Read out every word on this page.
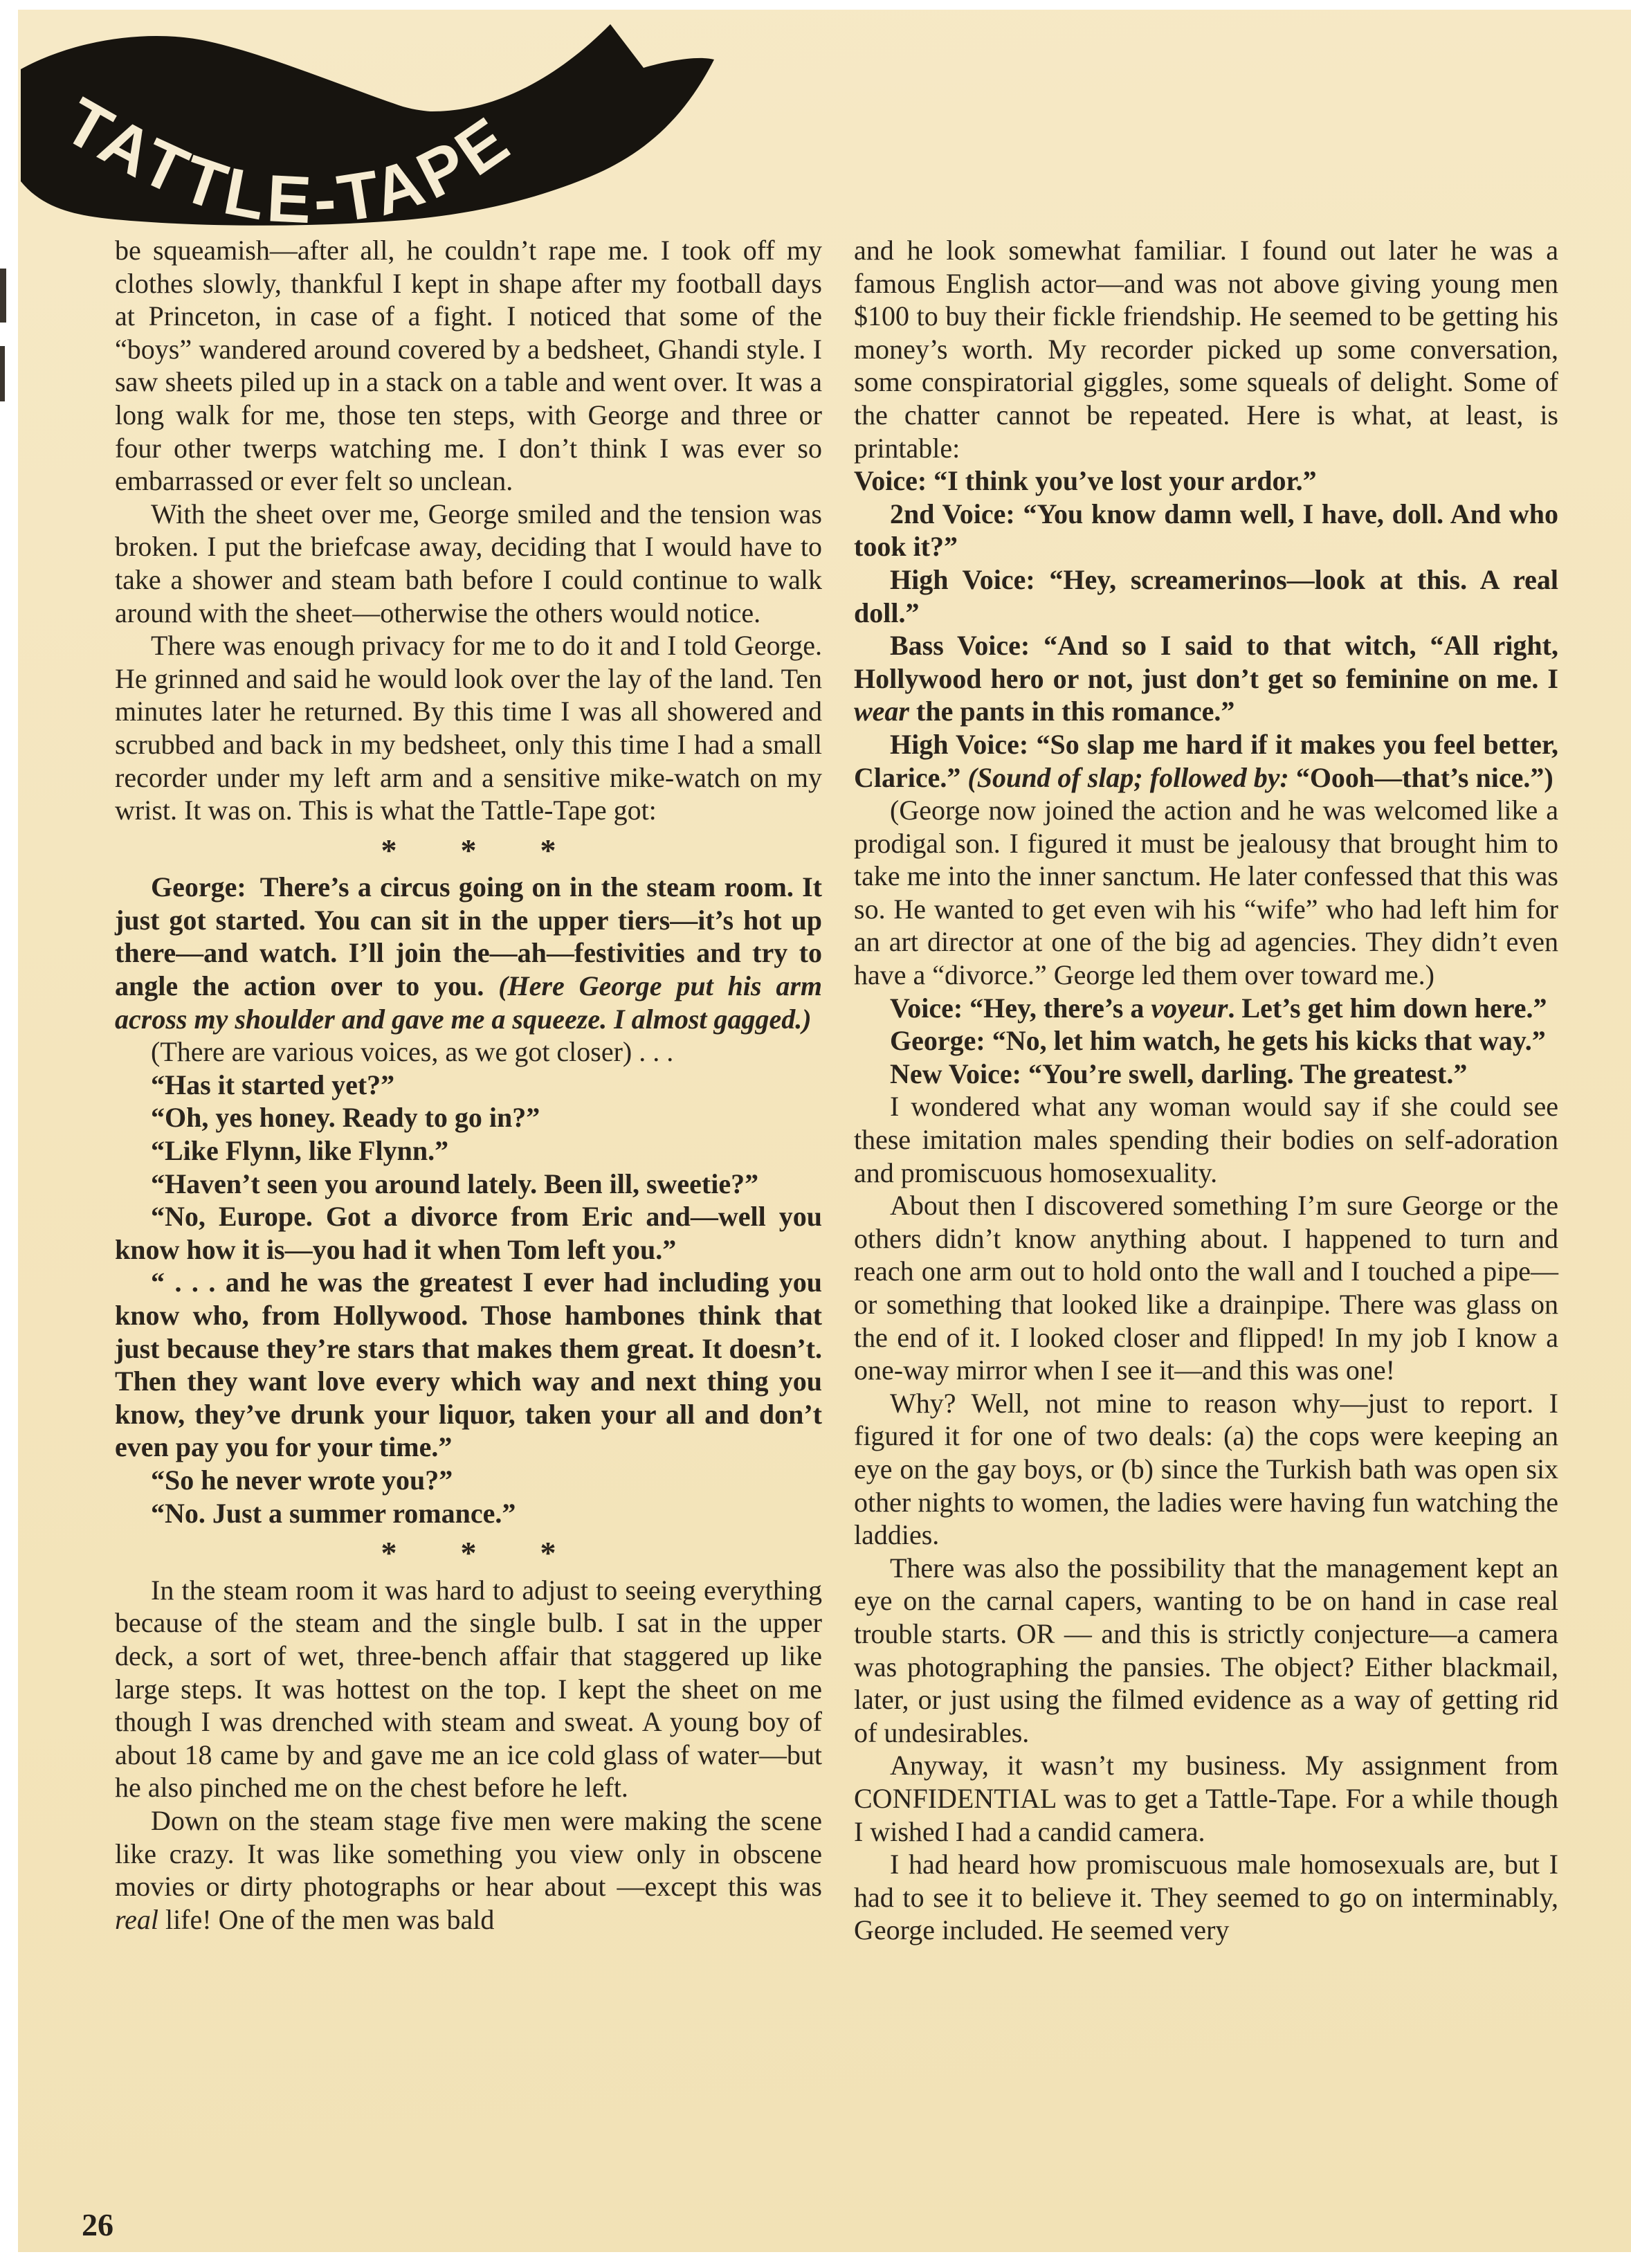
TATTLE-TAPE

be squeamish—after all, he couldn’t rape me. I took off my clothes slowly, thankful I kept in shape after my football days at Princeton, in case of a fight. I noticed that some of the “boys” wandered around covered by a bedsheet, Ghandi style. I saw sheets piled up in a stack on a table and went over. It was a long walk for me, those ten steps, with George and three or four other twerps watching me. I don’t think I was ever so embarrassed or ever felt so unclean.

With the sheet over me, George smiled and the tension was broken. I put the briefcase away, deciding that I would have to take a shower and steam bath before I could continue to walk around with the sheet—otherwise the others would notice.

There was enough privacy for me to do it and I told George. He grinned and said he would look over the lay of the land. Ten minutes later he returned. By this time I was all showered and scrubbed and back in my bedsheet, only this time I had a small recorder under my left arm and a sensitive mike-watch on my wrist. It was on. This is what the Tattle-Tape got:

*  *  *

George: There’s a circus going on in the steam room. It just got started. You can sit in the upper tiers—it’s hot up there—and watch. I’ll join the—ah—festivities and try to angle the action over to you. (Here George put his arm across my shoulder and gave me a squeeze. I almost gagged.)

(There are various voices, as we got closer) . . .

“Has it started yet?”

“Oh, yes honey. Ready to go in?”

“Like Flynn, like Flynn.”

“Haven’t seen you around lately. Been ill, sweetie?”

“No, Europe. Got a divorce from Eric and—well you know how it is—you had it when Tom left you.”

“ . . . and he was the greatest I ever had including you know who, from Hollywood. Those hambones think that just because they’re stars that makes them great. It doesn’t. Then they want love every which way and next thing you know, they’ve drunk your liquor, taken your all and don’t even pay you for your time.”

“So he never wrote you?”

“No. Just a summer romance.”

*  *  *

In the steam room it was hard to adjust to seeing everything because of the steam and the single bulb. I sat in the upper deck, a sort of wet, three-bench affair that staggered up like large steps. It was hottest on the top. I kept the sheet on me though I was drenched with steam and sweat. A young boy of about 18 came by and gave me an ice cold glass of water—but he also pinched me on the chest before he left.

Down on the steam stage five men were making the scene like crazy. It was like something you view only in obscene movies or dirty photographs or hear about —except this was real life! One of the men was bald

and he look somewhat familiar. I found out later he was a famous English actor—and was not above giving young men $100 to buy their fickle friendship. He seemed to be getting his money’s worth. My recorder picked up some conversation, some conspiratorial giggles, some squeals of delight. Some of the chatter cannot be repeated. Here is what, at least, is printable:

Voice: “I think you’ve lost your ardor.”

2nd Voice: “You know damn well, I have, doll. And who took it?”

High Voice: “Hey, screamerinos—look at this. A real doll.”

Bass Voice: “And so I said to that witch, “All right, Hollywood hero or not, just don’t get so feminine on me. I wear the pants in this romance.”

High Voice: “So slap me hard if it makes you feel better, Clarice.” (Sound of slap; followed by: “Oooh—that’s nice.”)

(George now joined the action and he was welcomed like a prodigal son. I figured it must be jealousy that brought him to take me into the inner sanctum. He later confessed that this was so. He wanted to get even wih his “wife” who had left him for an art director at one of the big ad agencies. They didn’t even have a “divorce.” George led them over toward me.)

Voice: “Hey, there’s a voyeur. Let’s get him down here.”

George: “No, let him watch, he gets his kicks that way.”

New Voice: “You’re swell, darling. The greatest.”

I wondered what any woman would say if she could see these imitation males spending their bodies on self-adoration and promiscuous homosexuality.

About then I discovered something I’m sure George or the others didn’t know anything about. I happened to turn and reach one arm out to hold onto the wall and I touched a pipe—or something that looked like a drainpipe. There was glass on the end of it. I looked closer and flipped! In my job I know a one-way mirror when I see it—and this was one!

Why? Well, not mine to reason why—just to report. I figured it for one of two deals: (a) the cops were keeping an eye on the gay boys, or (b) since the Turkish bath was open six other nights to women, the ladies were having fun watching the laddies.

There was also the possibility that the management kept an eye on the carnal capers, wanting to be on hand in case real trouble starts. OR — and this is strictly conjecture—a camera was photographing the pansies. The object? Either blackmail, later, or just using the filmed evidence as a way of getting rid of undesirables.

Anyway, it wasn’t my business. My assignment from CONFIDENTIAL was to get a Tattle-Tape. For a while though I wished I had a candid camera.

I had heard how promiscuous male homosexuals are, but I had to see it to believe it. They seemed to go on interminably, George included. He seemed very

26
